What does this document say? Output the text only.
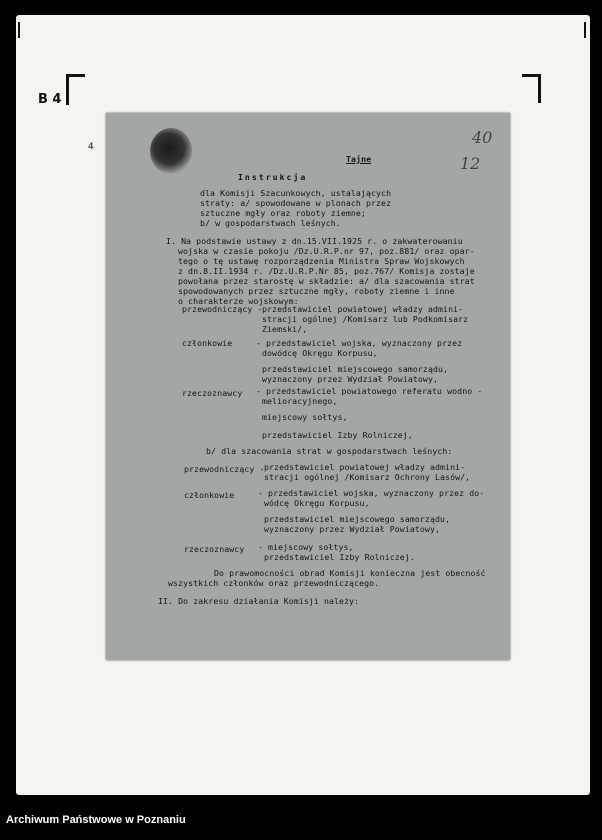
B 4
4
Tajne
40
12
Instrukcja
dla Komisji Szacunkowych, ustalających
straty: a/ spowodowane w plonach przez
sztuczne mgły oraz roboty ziemne;
b/ w gospodarstwach leśnych.
I. Na podstawie ustawy z dn.15.VII.1925 r. o zakwaterowaniu
wojska w czasie pokoju /Dz.U.R.P.nr 97, poz.881/ oraz opar-
tego o tę ustawę rozporządzenia Ministra Spraw Wojskowych
z dn.8.II.1934 r. /Dz.U.R.P.Nr 85, poz.767/ Komisja zostaje
powołana przez starostę w składzie: a/ dla szacowania strat
spowodowanych przez sztuczne mgły, roboty ziemne i inne
o charakterze wojskowym:
przewodniczący - przedstawiciel powiatowej władzy admini-
stracji ogólnej /Komisarz lub Podkomisarz
Ziemski/,
członkowie	- przedstawiciel wojska, wyznaczony przez
dowódcę Okręgu Korpusu,
przedstawiciel miejscowego samorządu,
wyznaczony przez Wydział Powiatowy,
rzeczoznawcy - przedstawiciel powiatowego referatu wodno -
melioracyjnego,
miejscowy sołtys,
przedstawiciel Izby Rolniczej,
b/ dla szacowania strat w gospodarstwach leśnych:
przewodniczący - przedstawiciel powiatowej władzy admini-
stracji ogólnej /Komisarz Ochrony Lasów/,
członkowie	- przedstawiciel wojska, wyznaczony przez do-
wódcę Okręgu Korpusu,
przedstawiciel miejscowego samorządu,
wyznaczony przez Wydział Powiatowy,
rzeczoznawcy - miejscowy sołtys,
przedstawiciel Izby Rolniczej.
Do prawomocności obrad Komisji konieczna jest obecność
wszystkich członków oraz przewodniczącego.
II. Do zakresu działania Komisji należy:
Archiwum Państwowe w Poznaniu
